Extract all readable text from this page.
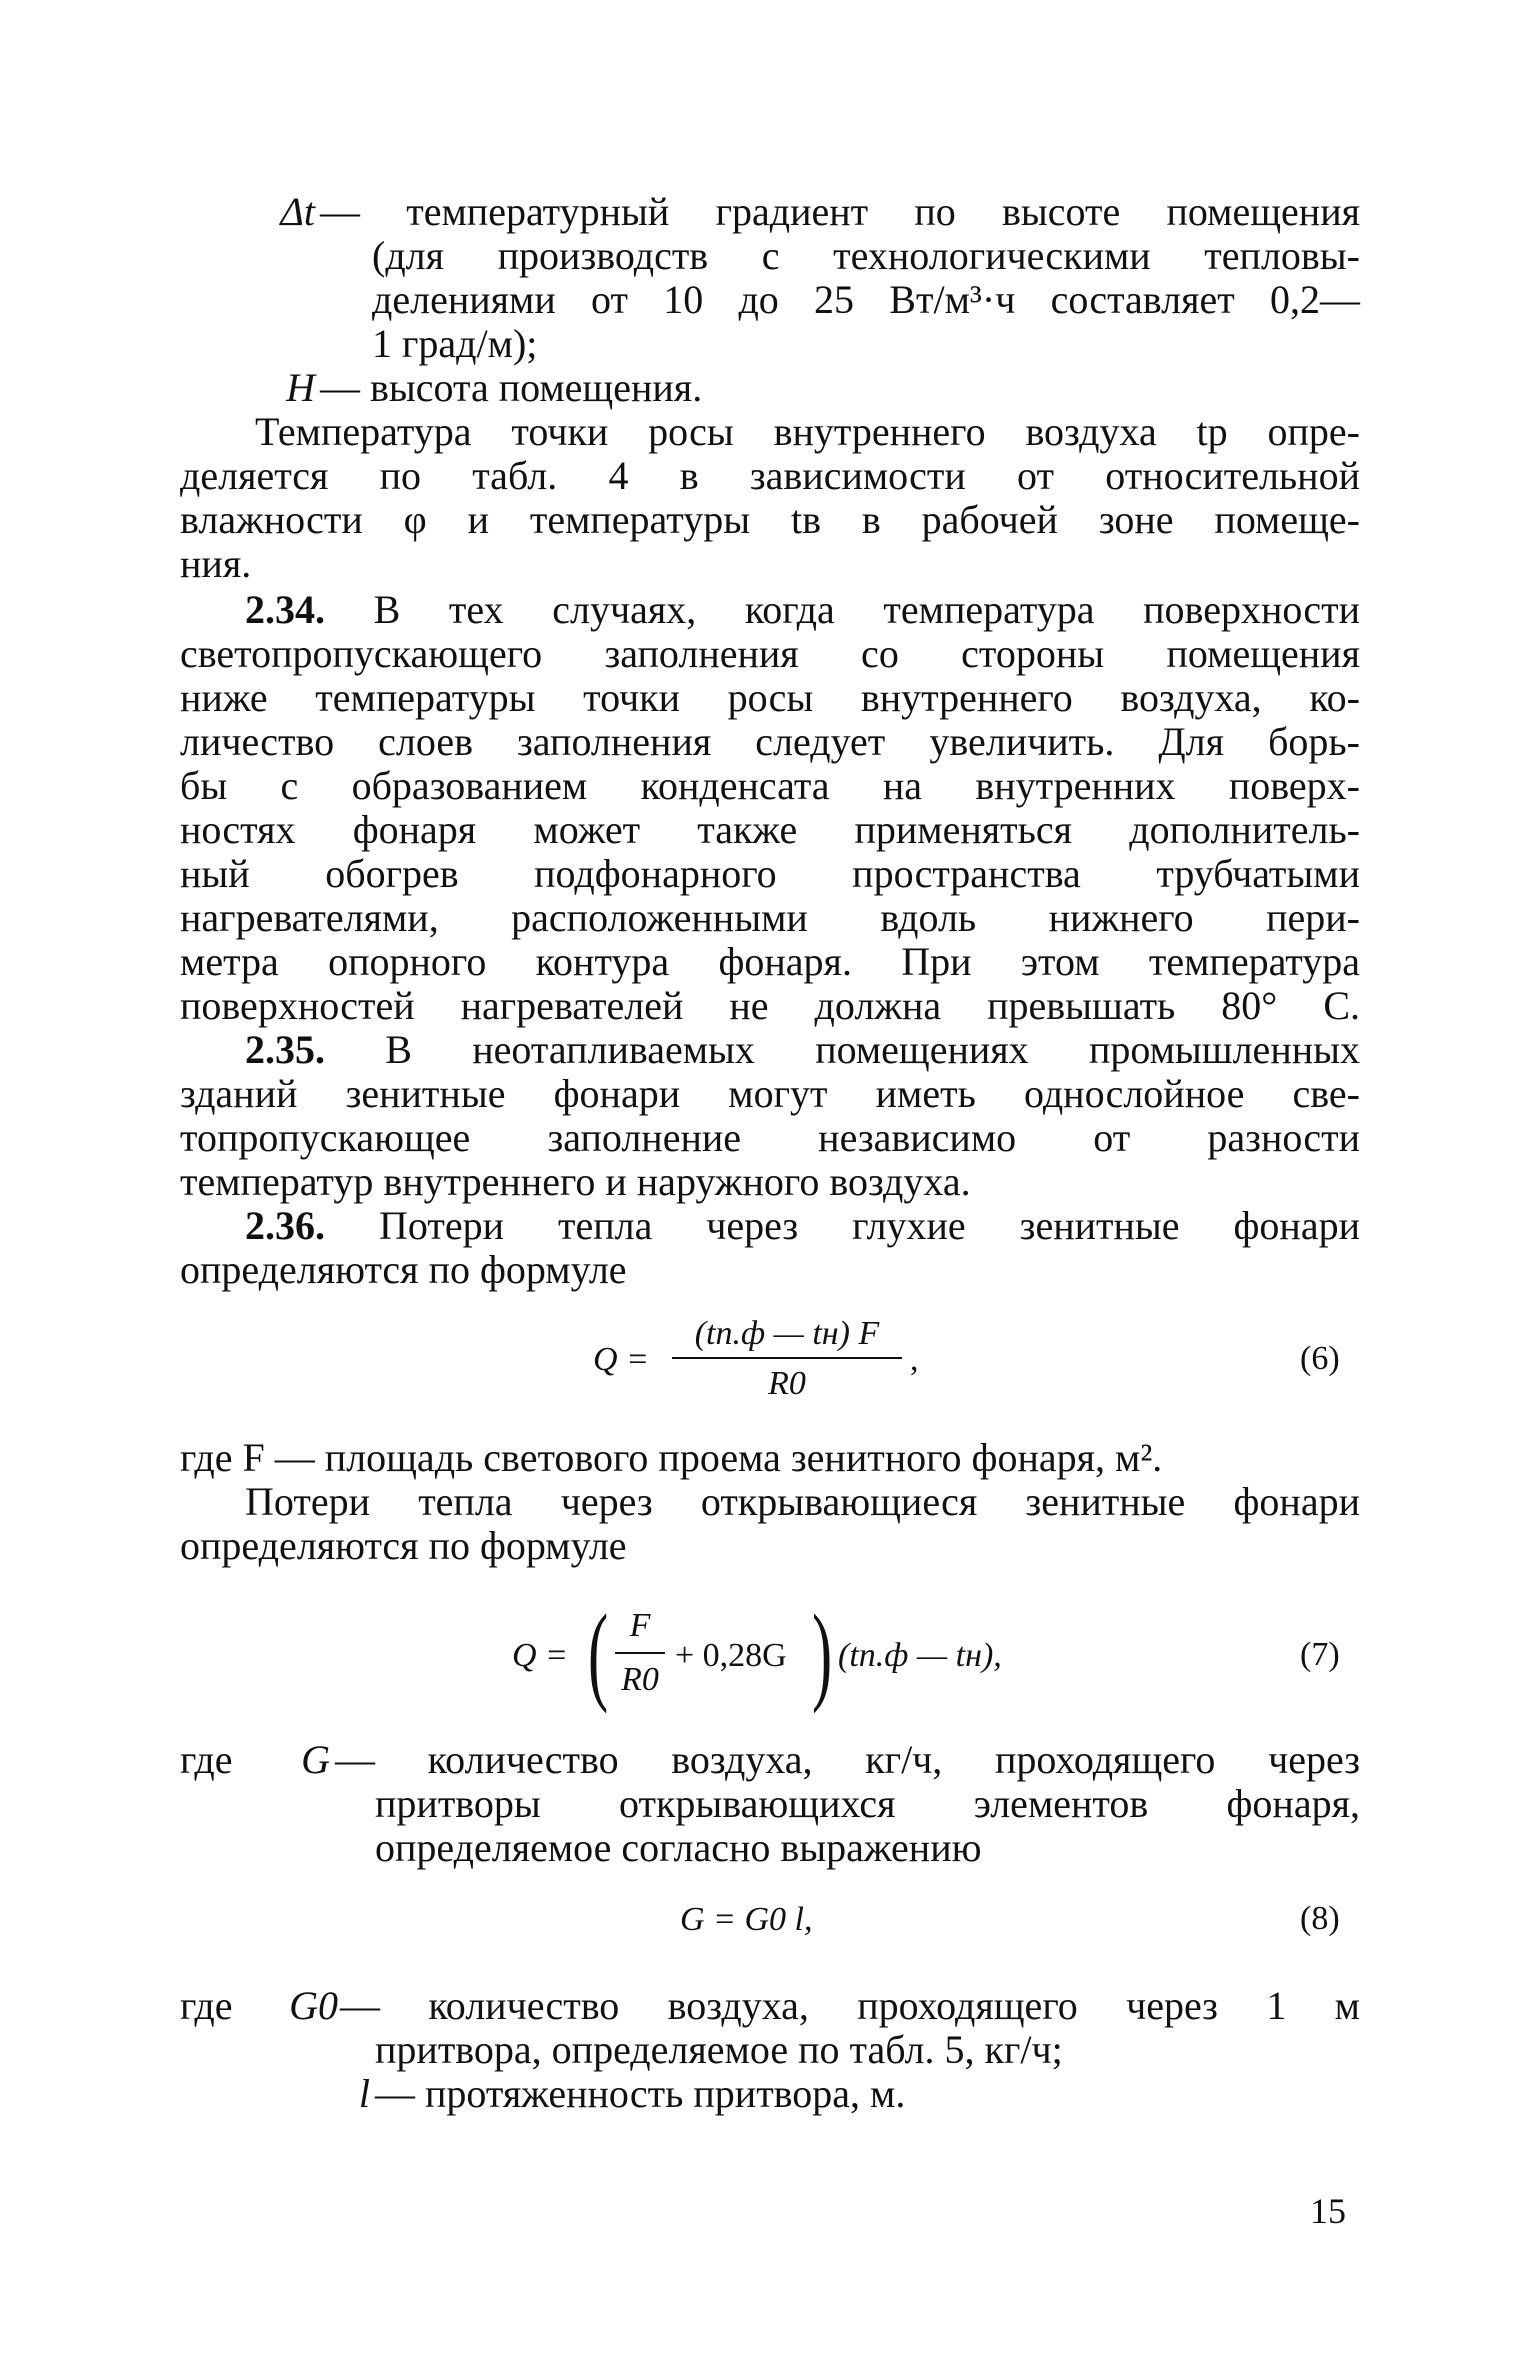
Δt — температурный градиент по высоте помещения
(для производств с технологическими тепловы-
делениями от 10 до 25 Вт/м³·ч составляет 0,2—
1 град/м);
H — высота помещения.
Температура точки росы внутреннего воздуха tр опре-
деляется по табл. 4 в зависимости от относительной
влажности φ и температуры tв в рабочей зоне помеще-
ния.
2.34. В тех случаях, когда температура поверхности
светопропускающего заполнения со стороны помещения
ниже температуры точки росы внутреннего воздуха, ко-
личество слоев заполнения следует увеличить. Для борь-
бы с образованием конденсата на внутренних поверх-
ностях фонаря может также применяться дополнитель-
ный обогрев подфонарного пространства трубчатыми
нагревателями, расположенными вдоль нижнего пери-
метра опорного контура фонаря. При этом температура
поверхностей нагревателей не должна превышать 80° С.
2.35. В неотапливаемых помещениях промышленных
зданий зенитные фонари могут иметь однослойное све-
топропускающее заполнение независимо от разности
температур внутреннего и наружного воздуха.
2.36. Потери тепла через глухие зенитные фонари
определяются по формуле
Q =
(tп.ф — tн) F
R0
,	(6)
где F — площадь светового проема зенитного фонаря, м².
Потери тепла через открывающиеся зенитные фонари
определяются по формуле
Q = ( F
R0
+ 0,28G ) (tп.ф — tн),	(7)
где	G — количество воздуха, кг/ч, проходящего через
притворы открывающихся элементов фонаря,
определяемое согласно выражению
G = G0 l,	(8)
где G0 — количество воздуха, проходящего через 1 м
притвора, определяемое по табл. 5, кг/ч;
l — протяженность притвора, м.
15
